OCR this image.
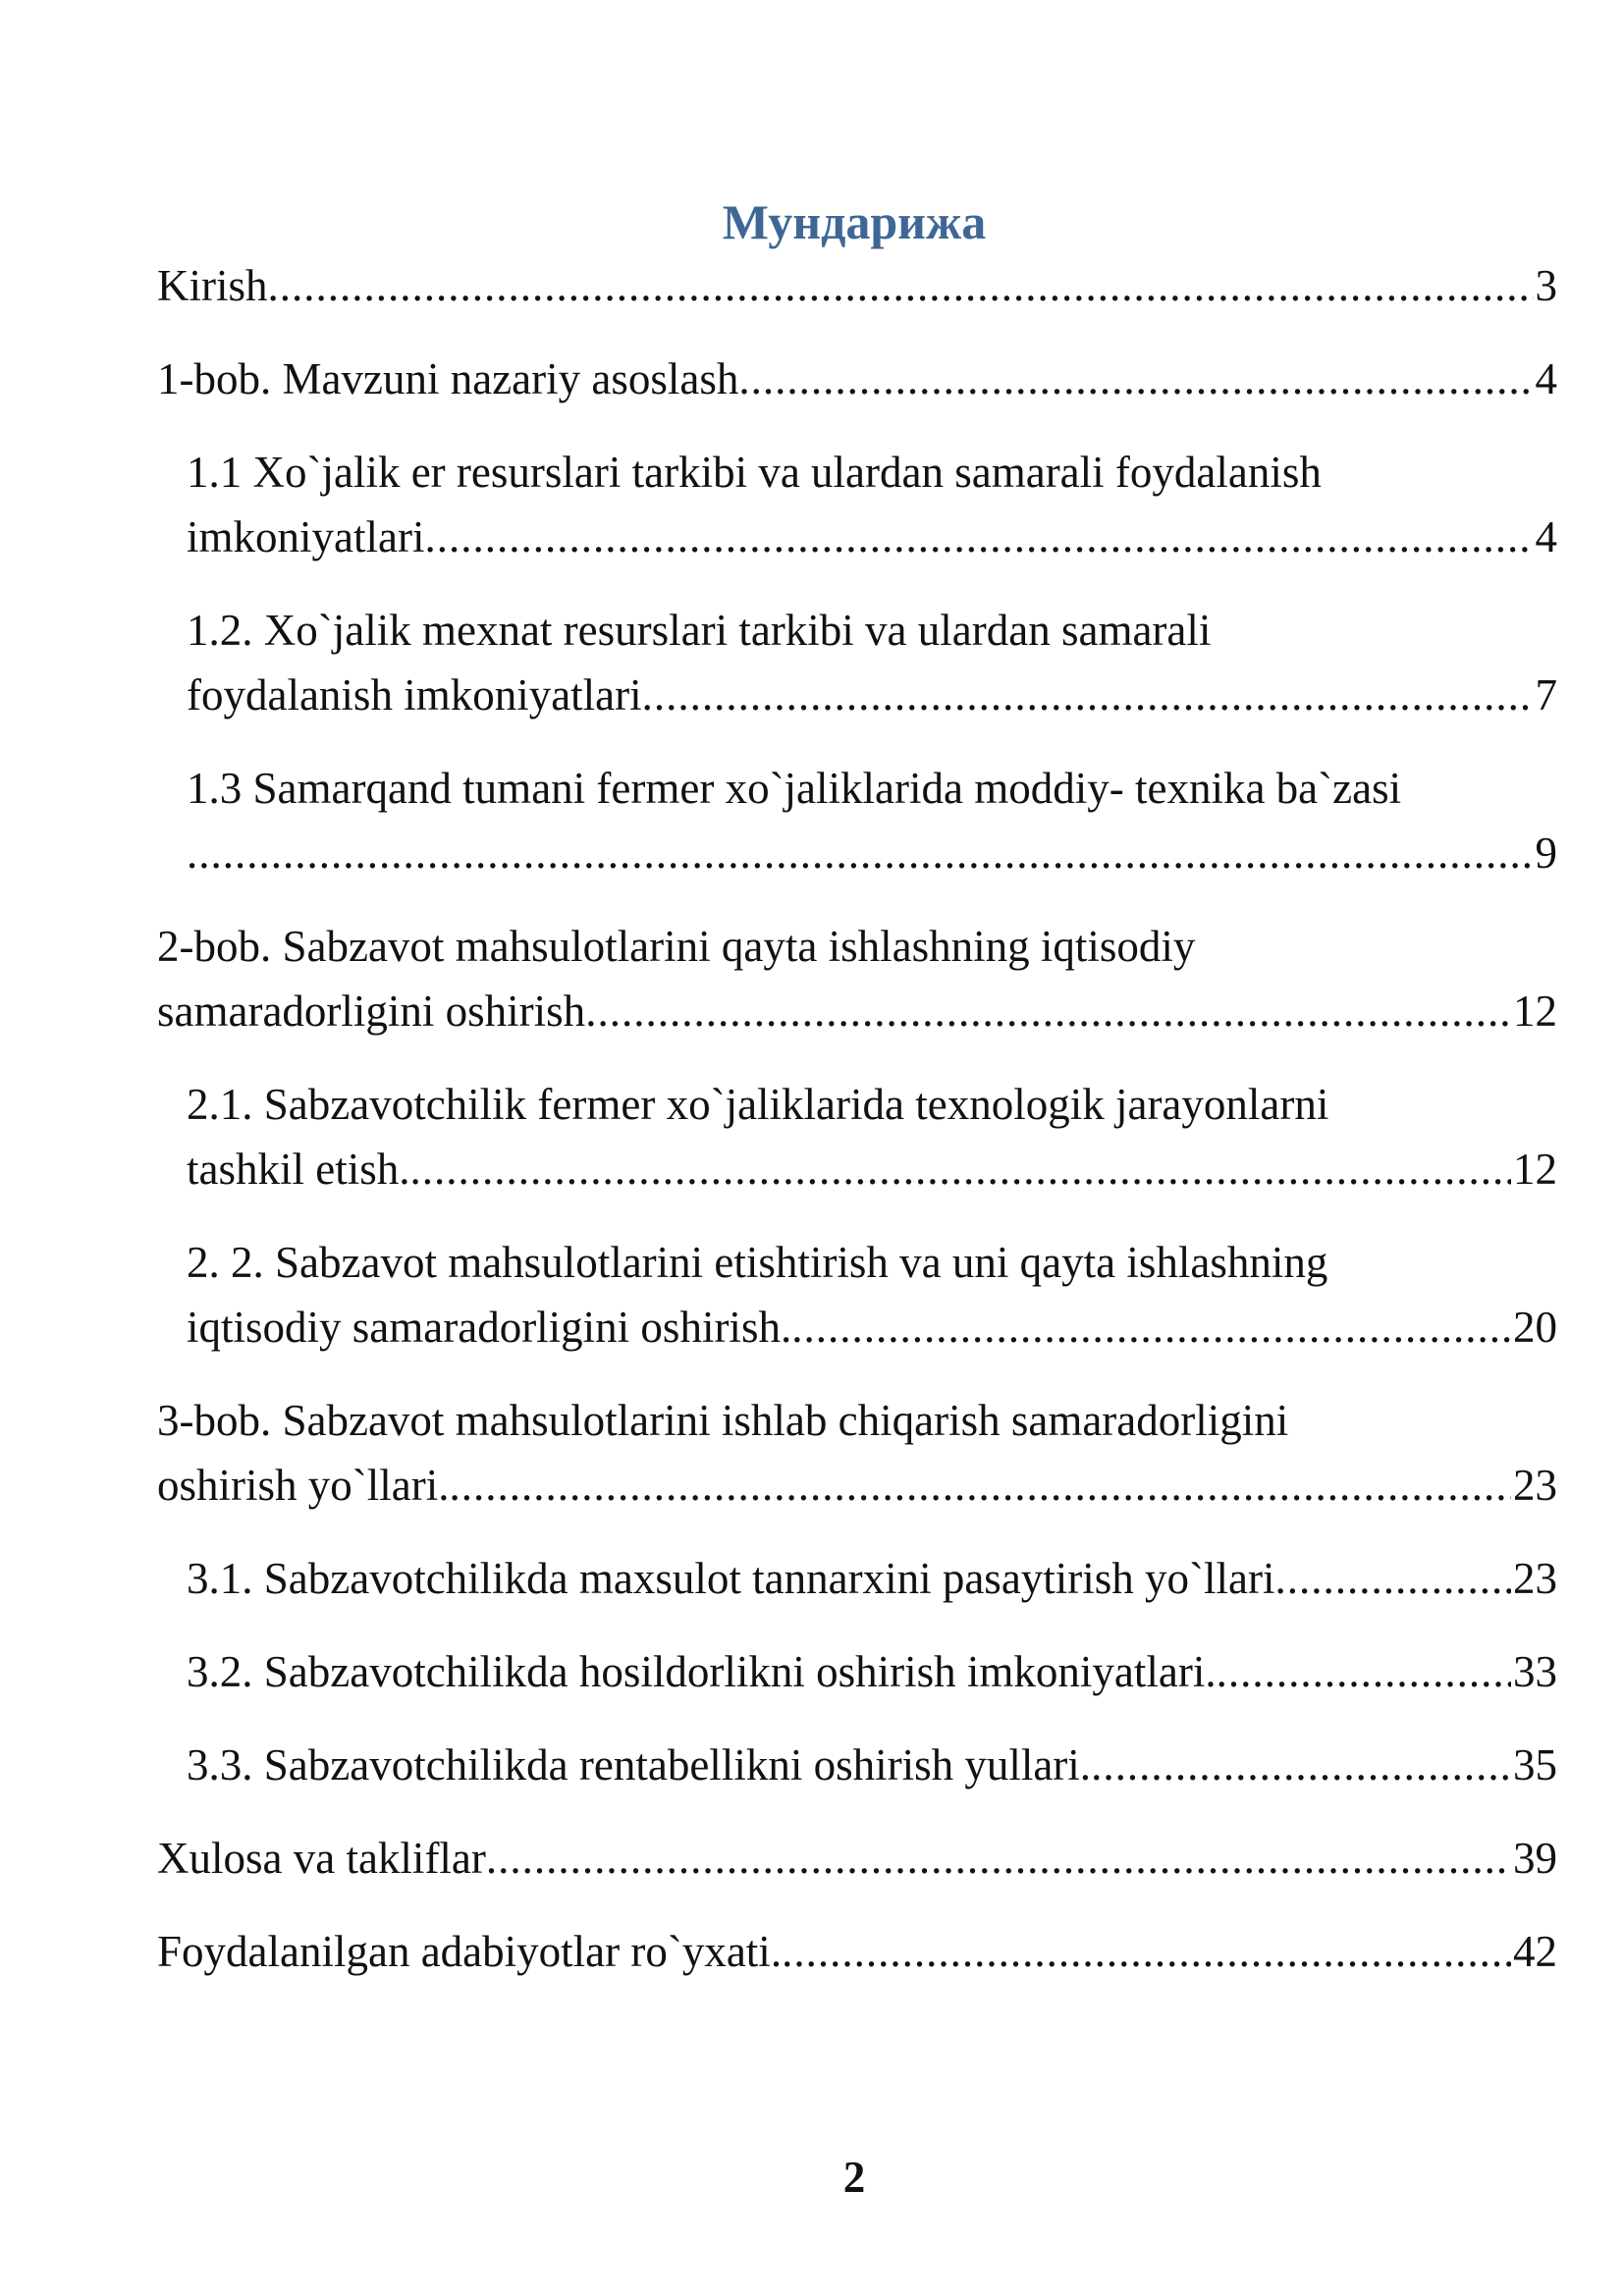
Мундарижа
Kirish .....	3
1-bob. Mavzuni nazariy asoslash .....	4
1.1 Xo`jalik er resurslari tarkibi va ulardan samarali foydalanish
imkoniyatlari .....	4
1.2. Xo`jalik mexnat resurslari tarkibi va ulardan samarali
foydalanish imkoniyatlari .....	7
1.3 Samarqand tumani fermer xo`jaliklarida moddiy- texnika ba`zasi
.....
9
2-bob. Sabzavot mahsulotlarini qayta ishlashning iqtisodiy
samaradorligini oshirish .....	12
2.1. Sabzavotchilik fermer xo`jaliklarida texnologik jarayonlarni
tashkil etish. .....	12
2. 2. Sabzavot mahsulotlarini etishtirish va uni qayta ishlashning
iqtisodiy samaradorligini oshirish. .....	20
3-bob. Sabzavot mahsulotlarini ishlab chiqarish samaradorligini
oshirish yo`llari. .....	23
3.1. Sabzavotchilikda maxsulot tannarxini pasaytirish yo`llari .....	23
3.2. Sabzavotchilikda hosildorlikni oshirish imkoniyatlari. .....	33
3.3. Sabzavotchilikda rentabellikni oshirish yullari. .....	35
Xulosa va takliflar .....	39
Foydalanilgan adabiyotlar ro`yxati. .....	42
2
